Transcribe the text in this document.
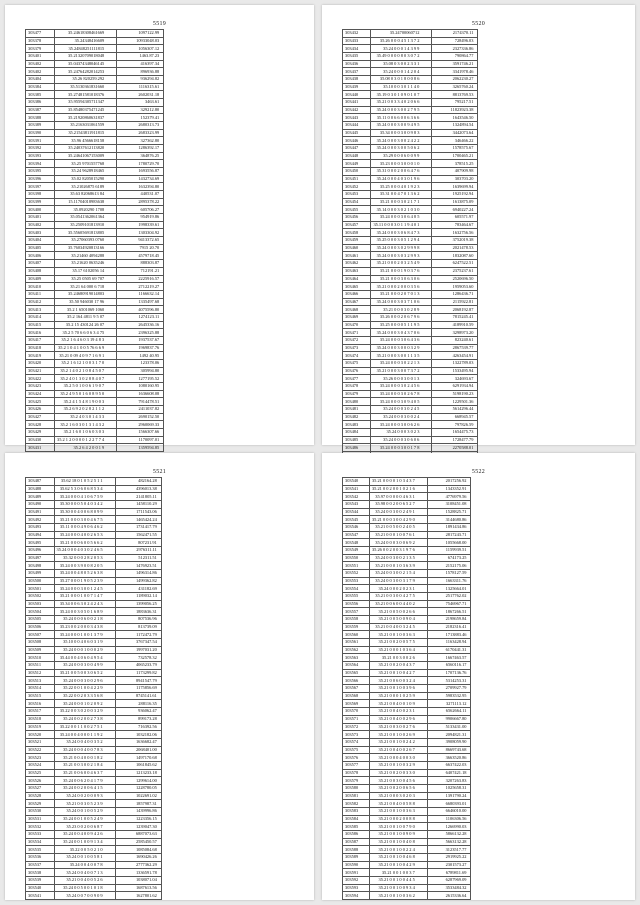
5519
303477	35.24618308461669	1097122.99
303378	35.24348416609	10933048.03
303379	35.24848251111815	1056307.12
303401	35.21320709018048	1463.87.23
303402	35.04374348046145	416397.34
303402	35.24764282014253	896936.88
303404	35.26 820259.292	936294.82
303384	35.5130361831660	1116315.61
303385	35.27481581018376	2602031.18
303386	35.95594305711347	3463.61
303387	35.85480375471245	329212.80
303388	35.21920860631837	152379.41
303389	35.2163031061559	2680313.73
303390	35.21543811911815	2683323.99
303391	35.96 4566618158	327362.80
303392	35.24037612113820	1286392.17
303393	35.24641067153009	364876.25
303394	35.25 9701557768	1780729.70
303395	35.24 9628918465	1693556.87
303396	35.02 8205015290	1432734.69
303397	35.21026875 6189	1632394.80
303398	35.63 82068613 84	440531.07
303399	15.11704018983638	2895378.22
303400	35.0920290 1708	605706.27
303401	35.0541362061364	954919.86
303402	35.2509101813910	1998339.61
303403	35.55605691813805	1303304.92
303404	35.27060393 0760	9413372.65
303405	35.76034920813166	7915 20.70
303406	35.21460 4094288	4579718.45
303407	35.21620 0635246	888303.87
303408	35.17 6102056 14	712191.21
303409	35.25 0505 69 707	2225916.57
303410	35.21 64 000 6 718	2712219.27
303411	35.24680919014803	1166632.14
303412	35.50 946030 17 96	1335497.68
303413	35.2 1 6501069 1060	4075596.80
303414	35.2 164 4811 9 5 07	1274123.11
303415	35.2 15 430124 26 07	2645336.16
303416	35.2 5 70 6 6 0 6 3 4 75	2396325.88
303417	35.2 1 6 4 6 0 3 19 4 8 3	1937537.67
303418	35.2 1 0 4 1 0 0 5 76 6 6 9	1969837.76
303419	35.21 0 09 4 0 9 7 1 6 9 1	1492 40.95
303420	35.2 1 6 12 1 0 0 3 1 7 0	123378.06
303421	35.2 1 4 0 2 1 0 8 4 5 0 7	305994.80
303422	35.2 4 0 1 3 0 2 8 8 4 0 7	1277195.52
303423	35.2 5 0 1 0 0 6 1 9 0 7	1080160.95
303424	35.2 4 9 5 0 1 6 0 8 9 5 0	1636608.08
303425	35.2 4 1 5 4 8 1 9 0 0 3	7914478.51
303426	35.2 6 9 2 0 2 8 2 1 1 2	2411037.82
303427	35.2 4 0 3 0 1 4 3 3	2690152.50
303428	35.2 1 6 0 3 0 1 3 1 4 3 2	2960069.33
303429	35.2 1 6 0 1 0 6 0 3 0 3	1566307.66
303430	35.2 1 2 0 0 0 0 1 2 2 7 7 4	1170097.01
303431	35.2 6 4 2 0 0 1 9	1359594.85
5520
303432	35.24700060712	2174370.11
303433	35.26 0 0 0 4 5 1 3 7 2	728496.03
303434	35.24 0 0 0 1 4 3 9 9	2327336.86
303435	35.49 0 0 0 0 8 0 3 0 7 2	790864.77
303436	35.08 0 3 0 0 2 3 3 1	3591746.21
303437	35.24 0 0 0 1 4 2 0 4	3341978.46
303438	35.08 0 3 0 1 8 0 0 8 6	2062230.27
303439	35.10 0 0 3 0 1 1 4 0	3265760.24
303440	35.19 0 3 0 1 0 9 0 1 0 7	8813769.53
303441	35.21 0 0 3 3 4 0 2 0 6 6	795217.51
303442	35.24 0 0 0 3 0 0 2 7 9 5	11823923.38
303443	35.11 0 0 6 6 0 0 6 3 6 6	1643546.50
303444	35.24 0 0 0 3 0 0 9 4 9 5	1324894.54
303445	35.34 0 0 0 3 0 0 9 8 3	3442073.64
303446	35.24 0 0 0 3 0 0 2 4 2 2	346466.22
303447	35.24 0 0 0 3 0 0 5 0 6 2	1578575.67
303448	35.29 0 0 0 6 0 0 9 9	1700465.21
303449	35.23 0 0 0 3 0 0 0 1 0	378515.25
303450	35.31 0 0 0 2 0 0 6 4 7 6	407909.98
303451	35.24 0 0 0 4 0 3 0 1 9 6	303703.20
303452	35.25 0 0 0 4 0 1 9 2 3	1639699.94
303453	35.31 0 0 4 7 0 1 3 6 2	1925192.94
303454	35.21 0 0 0 3 0 2 1 7 1	1613875.09
303455	35.14 0 0 0 3 0 2 1 0 3 0	6940227.24
303456	35.24 0 0 0 3 0 6 4 8 5	605571.97
303457	35.11 0 0 0 3 0 1 1 9 4 0 1	783464.67
303458	35.24 0 0 0 3 0 6 8 4 7 3	1632756.56
303459	35.25 0 0 0 3 0 5 1 2 9 4	3752019.38
303460	35.24 0 0 0 3 0 2 9 9 9 8	2021478.53
303461	35.24 0 0 0 3 0 3 2 9 9 3	1832087.60
303462	35.21 0 0 0 2 0 3 2 5 4 9	6247522.51
303463	35.21 0 0 0 1 9 0 3 7 6	2375237.61
303464	35.21 0 0 0 3 0 6 3 0 6	2520696.50
303465	35.21 0 0 0 2 0 0 0 3 5 6	1959053.60
303466	35.21 0 0 0 2 0 7 0 1 3	1286436.71
303467	35.24 0 0 0 3 0 3 7 1 0 6	2115922.81
303468	35.21 0 0 0 3 0 2 8 9	2068192.87
303469	35.26 0 0 0 2 0 6 7 9 6	7815245.41
303470	35.25 0 0 0 0 5 1 1 9 5	4189910.59
303471	35.24 0 0 0 3 0 4 3 7 0 6	3298973.20
303472	35.24 0 0 0 3 0 6 4 3 6	823240.61
303473	35.24 0 0 0 3 0 0 0 3 2 9	2867539.77
303474	35.21 0 0 0 3 0 0 1 1 3 5	4263454.91
303475	35.24 0 0 0 3 0 2 2 1 3	1322789.03
303476	35.21 0 0 0 3 0 0 7 3 7 2	1533495.94
303477	35.26 0 0 0 3 0 0 1 3	324693.67
303478	35.24 0 0 0 3 0 2 4 5 6	6291934.94
303479	35.24 0 0 0 3 0 2 6 7 8	5198190.23
303480	35.24 0 0 0 3 0 9 4 0 5	1229501.36
303481	35.24 0 0 0 3 0 2 4 5	5614296.44
303482	35.24 0 0 0 3 0 0 2 4	668945.57
303483	35.24 0 0 0 3 0 0 6 2 6	797826.59
303484	35.24 0 0 0 3 0 2 3	1654475.73
303485	35.24 0 0 0 3 0 6 0 6	1728477.79
303486	35.24 0 0 0 3 0 0 1 7 8	2270588.01

5521
303487	35.62 18 0 1 0 5 2 5 1 1	482164.28
303488	35.62 5 3 0 6 0 6 8 5 3 4	4396013.38
303489	35.24 0 0 0 4 1 0 6 7 5 9	2141805.11
303490	35.30 0 0 0 5 0 4 0 3 4 2	1458110.29
303491	35.30 0 0 4 0 0 6 8 0 9 9	1711543.06
303492	35.21 0 0 0 3 0 0 4 6 7 5	1465424.24
303493	35.11 0 0 0 4 9 0 6 4 6 2	1731417.79
303494	35.24 0 0 0 4 0 0 2 6 5 3	1562471.55
303495	35.21 0 0 0 6 0 0 5 6 6 2	807231.91
303496	35.24 0 0 0 4 0 3 0 2 4 6 5	2976311.11
303497	35.32 0 0 0 2 8 2 0 5 3	512311.51
303498	35.24 0 0 3 9 0 0 8 2 0 5	1476923.51
303499	35.24 0 0 4 8 0 5 2 6 3 8	1496314.86
303500	35.27 0 0 0 1 9 0 5 2 3 9	1499362.82
303501	35.24 0 0 0 3 0 0 1 2 4 5	431182.69
303502	35.21 0 0 0 1 0 0 7 1 4 7	1189032.14
303503	35.34 0 0 6 3 0 2 4 2 4 3	1399056.25
303504	35.24 0 0 3 0 5 0 1 6 8 9	1883636.31
303505	35.24 0 0 0 6 0 0 2 1 8	807536.96
303506	35.23 0 0 2 0 0 0 3 4 3 8	813739.09
303507	35.24 0 0 0 1 0 0 1 3 7 9	1172472.79
303508	35.10 0 0 4 0 6 0 3 1 9	3767347.54
303509	35.24 0 0 0 1 0 0 0 2 9	1997031.20
303510	35.44 0 0 4 0 6 0 4 9 5 4	732578.32
303511	35.24 0 0 0 3 0 0 4 9 9	4065233.79
303512	35.21 0 0 5 0 0 3 0 6 5 2	1173299.82
303513	35.24 0 0 0 3 0 0 2 9 6	8941547.79
303514	35.22 0 0 1 0 0 4 2 2 9	1175856.69
303515	35.22 0 0 2 0 3 3 5 6 8	8745141.61
303516	35.24 0 0 0 1 0 2 0 9 2	288116.35
303517	35.22 0 0 3 0 2 0 0 3 2 9	936062.47
303518	35.24 0 0 2 0 0 2 7 3 8	899173.28
303519	35.22 0 0 1 1 0 0 2 7 5 1	716392.56
303520	35.24 0 0 4 0 0 0 1 1 9 2	1032182.06
303521	35.24 0 0 4 0 0 3 5 2	1636682.47
303522	35.24 0 0 0 4 0 0 7 8 3	2068401.00
303523	35.21 0 0 4 0 0 0 1 8 2	1497170.68
303524	35.21 0 0 3 0 0 2 1 8 4	1061845.62
303525	35.21 0 0 6 0 0 4 6 3 7	1213233.18
303526	35.24 0 0 6 2 0 4 1 7 9	1299614.00
303527	35.24 0 0 2 0 0 6 4 1 5	1228780.05
303528	35.24 0 0 2 0 0 0 9 3	1022691.02
303529	35.21 0 0 3 0 5 2 3 9	1857987.31
303530	35.24 0 0 1 0 0 5 2 9	1439996.86
303531	35.24 0 0 1 0 0 5 2 4 9	1223356.15
303532	35.23 0 0 2 0 0 6 8 7	1239047.30
303533	35.24 0 0 4 0 0 9 4 2 6	6887073.63
303534	35.24 0 0 1 0 0 9 1 3 4	2585450.57
303535	35.22 0 0 5 0 2 1 0	1085084.68
303536	35.24 0 0 1 0 0 5 8 1	1690426.26
303537	35.24 0 0 4 0 0 7 8	2777362.29
303538	35.24 0 0 4 0 0 7 1 3	1336591.78
303539	35.21 0 0 4 0 0 5 2 6	1038071.04
303540	35.24 0 0 5 0 0 1 0 1 8	1687613.56
303541	35.24 0 0 7 0 0 9 0 9	1627801.62
5522
303540	35.21 0 0 0 0 1 0 3 4 3 7	2017256.92
303541	35.21 0 0 2 0 0 1 0 2 1 6	1343352.91
303542	35.97 0 0 0 0 0 4 6 3 1	4776979.56
303543	35.98 0 0 2 0 0 6 5 2 7	3108451.08
303544	35.24 0 0 3 0 0 2 4 9 1	1528825.71
303545	35.21 0 0 0 3 0 0 4 2 9 0	3144680.86
303546	35.21 0 0 5 0 0 2 4 0 5	1891434.86
303547	35.21 0 0 0 1 0 0 7 6 1	2817243.71
303548	35.24 0 0 0 3 0 0 6 9 2	1055668.00
303549	35.26 0 0 2 0 0 3 1 9 7 6	1159939.51
303550	35.24 0 0 3 0 0 2 1 3 5	674173.25
303551	35.21 0 0 0 1 0 3 6 3 9	2152175.06
303552	35.24 0 0 3 0 0 2 1 5 4	1578127.59
303553	35.24 0 0 3 0 0 3 1 7 9	1663311.76
303554	35.24 0 0 0 2 0 2 3 1	1325664.01
303555	35.21 0 0 3 0 0 4 2 7 5	2517762.02
303556	35.21 0 0 6 0 0 4 4 0 2	7546967.71
303557	35.21 0 0 5 0 0 2 6 6	1867266.51
303558	35.21 0 0 5 0 0 9 0 4	2198659.84
303559	35.21 0 0 4 0 0 3 2 4 5	2182316.41
303560	35.21 0 0 1 0 0 3 6 3	1713883.46
303561	35.21 0 0 2 0 0 5 7 5	1163428.94
303562	35.21 0 0 0 1 0 3 6 4	6170441.31
303563	35.21 0 0 3 0 0 2 6	1667463.57
303564	35.21 0 0 2 0 0 4 3 7	6560116.17
303565	35.21 0 0 1 0 0 4 2 7	1707136.76
303566	35.21 0 0 6 0 0 3 2 4	5314253.31
303567	35.21 0 0 1 0 0 3 9 6	2709927.79
303568	35.21 0 0 0 1 0 2 5 9	5983532.95
303569	35.21 0 0 4 0 0 1 0 9	3271113.12
303570	35.21 0 0 4 0 0 2 3 1	6562664.11
303571	35.21 0 0 4 0 0 2 9 6	9906667.80
303572	35.21 0 0 3 0 0 2 7 6	5133431.00
303573	35.21 0 0 1 0 0 2 6 9	2094821.31
303574	35.21 0 0 1 0 0 2 4 2	3908059.90
303575	35.21 0 0 4 0 0 2 6 7	8669743.68
303576	35.21 0 0 0 4 0 0 3 0	3663520.86
303577	35.21 0 0 1 0 0 3 2 9	6637422.03
303578	35.21 0 0 2 0 0 3 3 0	6407421.18
303579	35.21 0 0 3 0 0 4 5 6	3207263.83
303580	35.21 0 0 2 0 0 6 5 6	1025658.31
303581	35.21 0 0 0 3 0 2 0 3	1391790.24
303582	35.21 0 0 4 0 0 5 8 8	6680393.01
303583	35.21 0 0 1 0 0 3 6 3	6646010.00
303584	35.21 0 0 0 2 0 0 8 8	1106306.56
303585	35.21 0 0 1 0 0 7 9 0	1266990.03
303586	35.21 0 0 1 0 0 9 0 9	5866132.28
303587	35.21 0 0 1 0 0 4 0 8	5663132.28
303588	35.21 0 0 1 0 0 2 2 4	3123517.77
303589	35.21 0 0 1 0 0 4 6 8	2919925.22
303590	35.21 0 0 1 0 0 4 2 9	2301573.27
303591	35.21 0 0 1 0 0 3 7	6789811.69
303592	35.21 0 0 1 0 0 4 4 5	6287969.09
303593	35.21 0 0 1 0 0 9 3 4	3533484.32
303594	35.21 0 0 1 0 0 3 6 2	2615336.64
